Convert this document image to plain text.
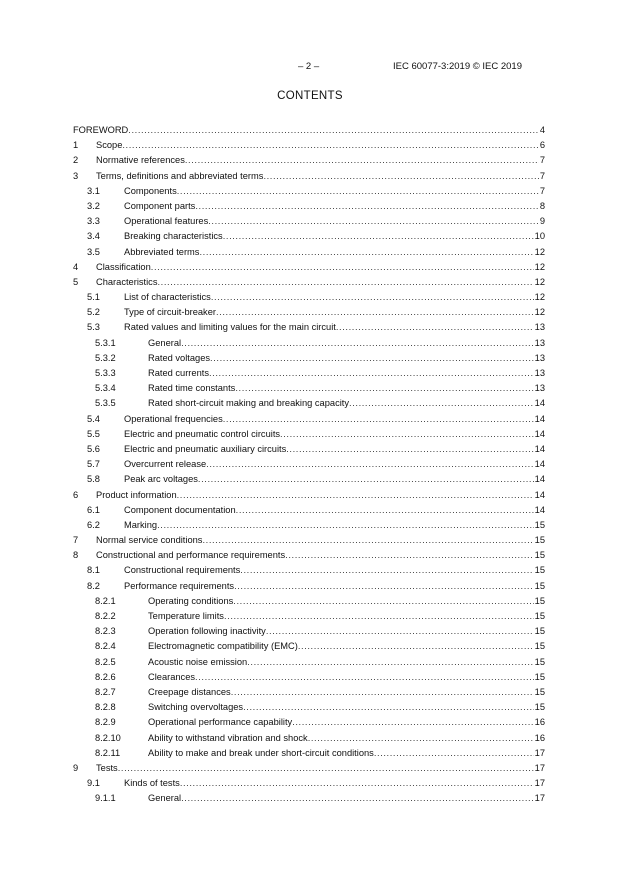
– 2 –	IEC 60077-3:2019 © IEC 2019
CONTENTS
FOREWORD .....	4
1 Scope .....	6
2 Normative references .....	7
3 Terms, definitions and abbreviated terms .....	7
3.1	Components .....	7
3.2	Component parts .....	8
3.3	Operational features .....	9
3.4	Breaking characteristics .....	10
3.5	Abbreviated terms .....	12
4 Classification .....	12
5 Characteristics .....	12
5.1	List of characteristics .....	12
5.2	Type of circuit-breaker .....	12
5.3	Rated values and limiting values for the main circuit .....	13
5.3.1	General .....	13
5.3.2	Rated voltages .....	13
5.3.3	Rated currents .....	13
5.3.4	Rated time constants .....	13
5.3.5	Rated short-circuit making and breaking capacity .....	14
5.4	Operational frequencies .....	14
5.5	Electric and pneumatic control circuits .....	14
5.6	Electric and pneumatic auxiliary circuits .....	14
5.7	Overcurrent release .....	14
5.8	Peak arc voltages .....	14
6 Product information .....	14
6.1	Component documentation .....	14
6.2	Marking .....	15
7 Normal service conditions .....	15
8 Constructional and performance requirements .....	15
8.1	Constructional requirements .....	15
8.2	Performance requirements .....	15
8.2.1	Operating conditions .....	15
8.2.2	Temperature limits .....	15
8.2.3	Operation following inactivity .....	15
8.2.4	Electromagnetic compatibility (EMC) .....	15
8.2.5	Acoustic noise emission .....	15
8.2.6	Clearances .....	15
8.2.7	Creepage distances .....	15
8.2.8	Switching overvoltages .....	15
8.2.9	Operational performance capability .....	16
8.2.10	Ability to withstand vibration and shock .....	16
8.2.11	Ability to make and break under short-circuit conditions .....	17
9 Tests .....	17
9.1	Kinds of tests .....	17
9.1.1	General .....	17
